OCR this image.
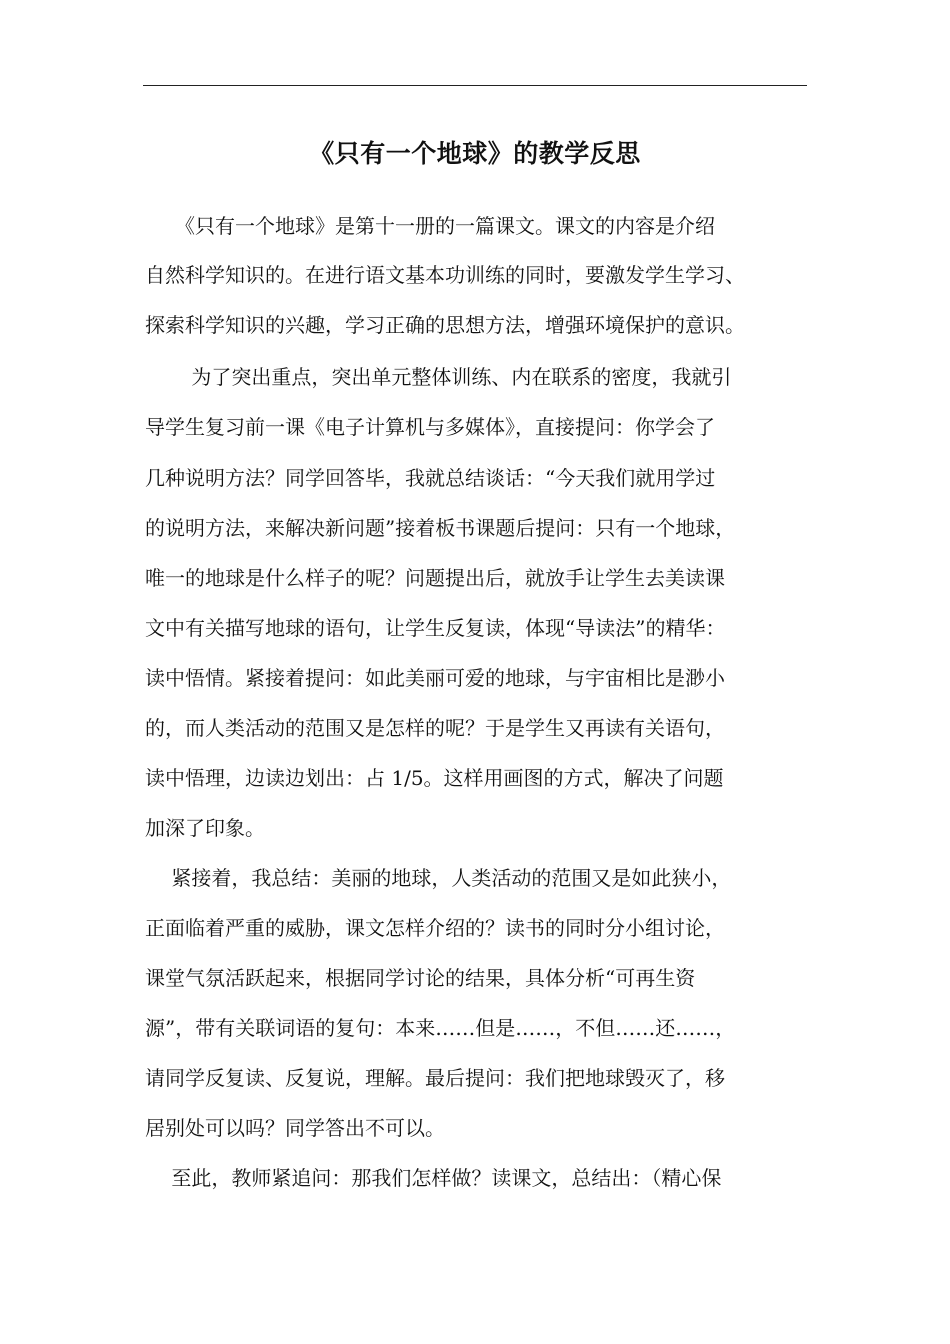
《只有一个地球》的教学反思
　　《只有一个地球》是第十一册的一篇课文。课文的内容是介绍
自然科学知识的。在进行语文基本功训练的同时，要激发学生学习、
探索科学知识的兴趣，学习正确的思想方法，增强环境保护的意识。
　　 为了突出重点，突出单元整体训练、内在联系的密度，我就引
导学生复习前一课《电子计算机与多媒体》，直接提问：你学会了
几种说明方法？同学回答毕，我就总结谈话：“今天我们就用学过
的说明方法，来解决新问题”接着板书课题后提问：只有一个地球，
唯一的地球是什么样子的呢？问题提出后，就放手让学生去美读课
文中有关描写地球的语句，让学生反复读，体现“导读法”的精华：
读中悟情。紧接着提问：如此美丽可爱的地球，与宇宙相比是渺小
的，而人类活动的范围又是怎样的呢？于是学生又再读有关语句，
读中悟理，边读边划出：占 1/5。这样用画图的方式，解决了问题
加深了印象。
　 紧接着，我总结：美丽的地球，人类活动的范围又是如此狭小，
正面临着严重的威胁，课文怎样介绍的？读书的同时分小组讨论，
课堂气氛活跃起来，根据同学讨论的结果，具体分析“可再生资
源”，带有关联词语的复句：本来……但是……，不但……还……，
请同学反复读、反复说，理解。最后提问：我们把地球毁灭了，移
居别处可以吗？同学答出不可以。
　 至此，教师紧追问：那我们怎样做？读课文，总结出：（精心保
